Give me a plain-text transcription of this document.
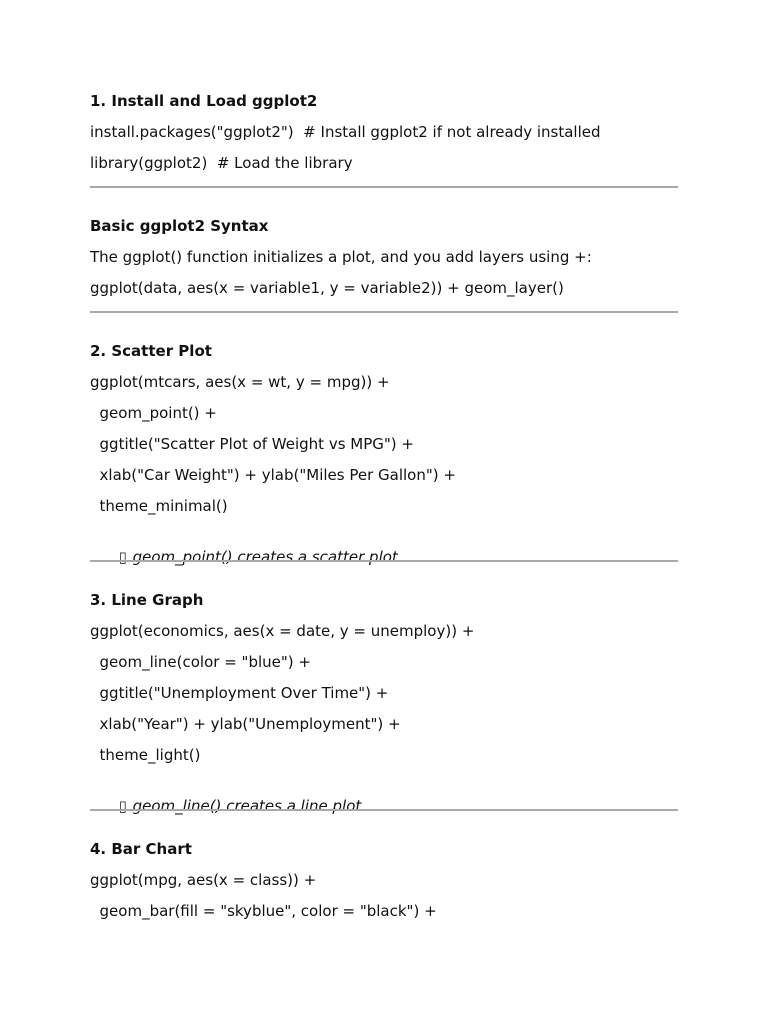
1. Install and Load ggplot2
install.packages("ggplot2")  # Install ggplot2 if not already installed
library(ggplot2)  # Load the library
Basic ggplot2 Syntax
The ggplot() function initializes a plot, and you add layers using +:
ggplot(data, aes(x = variable1, y = variable2)) + geom_layer()
2. Scatter Plot
ggplot(mtcars, aes(x = wt, y = mpg)) +
geom_point() +
ggtitle("Scatter Plot of Weight vs MPG") +
xlab("Car Weight") + ylab("Miles Per Gallon") +
theme_minimal()

▯ geom_point() creates a scatter plot.

3. Line Graph
ggplot(economics, aes(x = date, y = unemploy)) +
geom_line(color = "blue") +
ggtitle("Unemployment Over Time") +
xlab("Year") + ylab("Unemployment") +
theme_light()

▯ geom_line() creates a line plot.

4. Bar Chart
ggplot(mpg, aes(x = class)) +
geom_bar(fill = "skyblue", color = "black") +
